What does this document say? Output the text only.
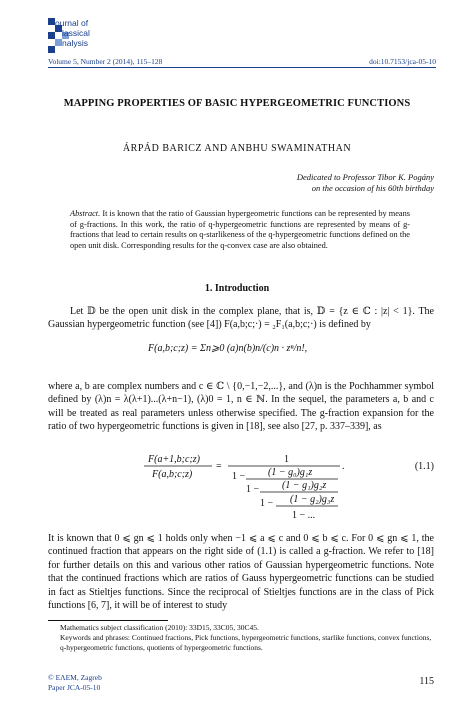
ournal of
lassical
nalysis
Volume 5, Number 2 (2014), 115–128	doi:10.7153/jca-05-10
MAPPING PROPERTIES OF BASIC HYPERGEOMETRIC FUNCTIONS
ÁRPÁD BARICZ AND ANBHU SWAMINATHAN
Dedicated to Professor Tibor K. Pogány
on the occasion of his 60th birthday
Abstract. It is known that the ratio of Gaussian hypergeometric functions can be represented by means of g-fractions. In this work, the ratio of q-hypergeometric functions are represented by means of g-fractions that lead to certain results on q-starlikeness of the q-hypergeometric functions defined on the open unit disk. Corresponding results for the q-convex case are also obtained.
1. Introduction
Let 𝔻 be the open unit disk in the complex plane, that is, 𝔻 = {z ∈ ℂ : |z| < 1}. The Gaussian hypergeometric function (see [4]) F(a,b;c;·) = ₂F₁(a,b;c;·) is defined by
F(a,b;c;z) = Σn⩾0 (a)n(b)n/(c)n · zⁿ/n!,
where a, b are complex numbers and c ∈ ℂ \ {0,−1,−2,...}, and (λ)n is the Pochhammer symbol defined by (λ)n = λ(λ+1)...(λ+n−1), (λ)0 = 1, n ∈ ℕ. In the sequel, the parameters a, b and c will be treated as real parameters unless otherwise specified. The g-fraction expansion for the ratio of two hypergeometric functions is given in [18], see also [27, p. 337–339], as
F(a+1,b;c;z)
F(a,b;c;z)
=
1
1 − (1 − g₀)g₁z
1 − (1 − g₁)g₂z
1 − (1 − g₂)g₃z
1 − ...
.	(1.1)
It is known that 0 ⩽ gn ⩽ 1 holds only when −1 ⩽ a ⩽ c and 0 ⩽ b ⩽ c. For 0 ⩽ gn ⩽ 1, the continued fraction that appears on the right side of (1.1) is called a g-fraction. We refer to [18] for further details on this and various other ratios of Gaussian hypergeometric functions. Note that the continued fractions which are ratios of Gauss hypergeometric functions can be studied in fact as Stieltjes functions. Since the reciprocal of Stieltjes functions are in the class of Pick functions [6, 7], it will be of interest to study
Mathematics subject classification (2010): 33D15, 33C05, 30C45.
Keywords and phrases: Continued fractions, Pick functions, hypergeometric functions, starlike functions, convex functions, q-hypergeometric functions, quotients of hypergeometric functions.
© ΕΛΕΜ, Zagreb
Paper JCA-05-10	115
